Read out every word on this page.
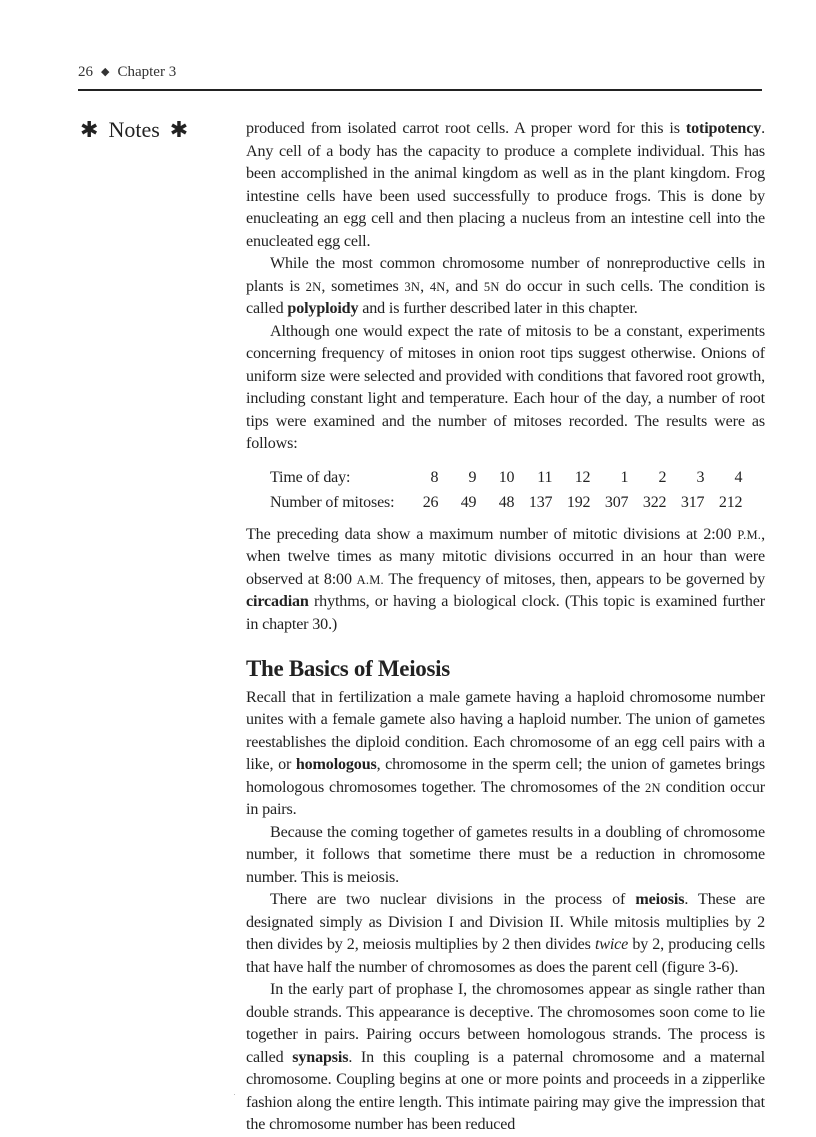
26 ◆ Chapter 3
✱ Notes ✱	produced from isolated carrot root cells. A proper word for this is totipotency. Any cell of a body has the capacity to produce a complete individual. This has been accomplished in the animal kingdom as well as in the plant kingdom. Frog intestine cells have been used successfully to produce frogs. This is done by enucleating an egg cell and then placing a nucleus from an intestine cell into the enucleated egg cell.

While the most common chromosome number of nonreproductive cells in plants is 2N, sometimes 3N, 4N, and 5N do occur in such cells. The condition is called polyploidy and is further described later in this chapter.

Although one would expect the rate of mitosis to be a constant, experiments concerning frequency of mitoses in onion root tips suggest otherwise. Onions of uniform size were selected and provided with conditions that favored root growth, including constant light and temperature. Each hour of the day, a number of root tips were examined and the number of mitoses recorded. The results were as follows:

Time of day:	8	9	10	11	12	1	2	3	4
Number of mitoses:	26	49	48	137	192	307	322	317	212

The preceding data show a maximum number of mitotic divisions at 2:00 P.M., when twelve times as many mitotic divisions occurred in an hour than were observed at 8:00 A.M. The frequency of mitoses, then, appears to be governed by circadian rhythms, or having a biological clock. (This topic is examined further in chapter 30.)

The Basics of Meiosis

Recall that in fertilization a male gamete having a haploid chromosome number unites with a female gamete also having a haploid number. The union of gametes reestablishes the diploid condition. Each chromosome of an egg cell pairs with a like, or homologous, chromosome in the sperm cell; the union of gametes brings homologous chromosomes together. The chromosomes of the 2N condition occur in pairs.

Because the coming together of gametes results in a doubling of chromosome number, it follows that sometime there must be a reduction in chromosome number. This is meiosis.

There are two nuclear divisions in the process of meiosis. These are designated simply as Division I and Division II. While mitosis multiplies by 2 then divides by 2, meiosis multiplies by 2 then divides twice by 2, producing cells that have half the number of chromosomes as does the parent cell (figure 3-6).

In the early part of prophase I, the chromosomes appear as single rather than double strands. This appearance is deceptive. The chromosomes soon come to lie together in pairs. Pairing occurs between homologous strands. The process is called synapsis. In this coupling is a paternal chromosome and a maternal chromosome. Coupling begins at one or more points and proceeds in a zipperlike fashion along the entire length. This intimate pairing may give the impression that the chromosome number has been reduced
